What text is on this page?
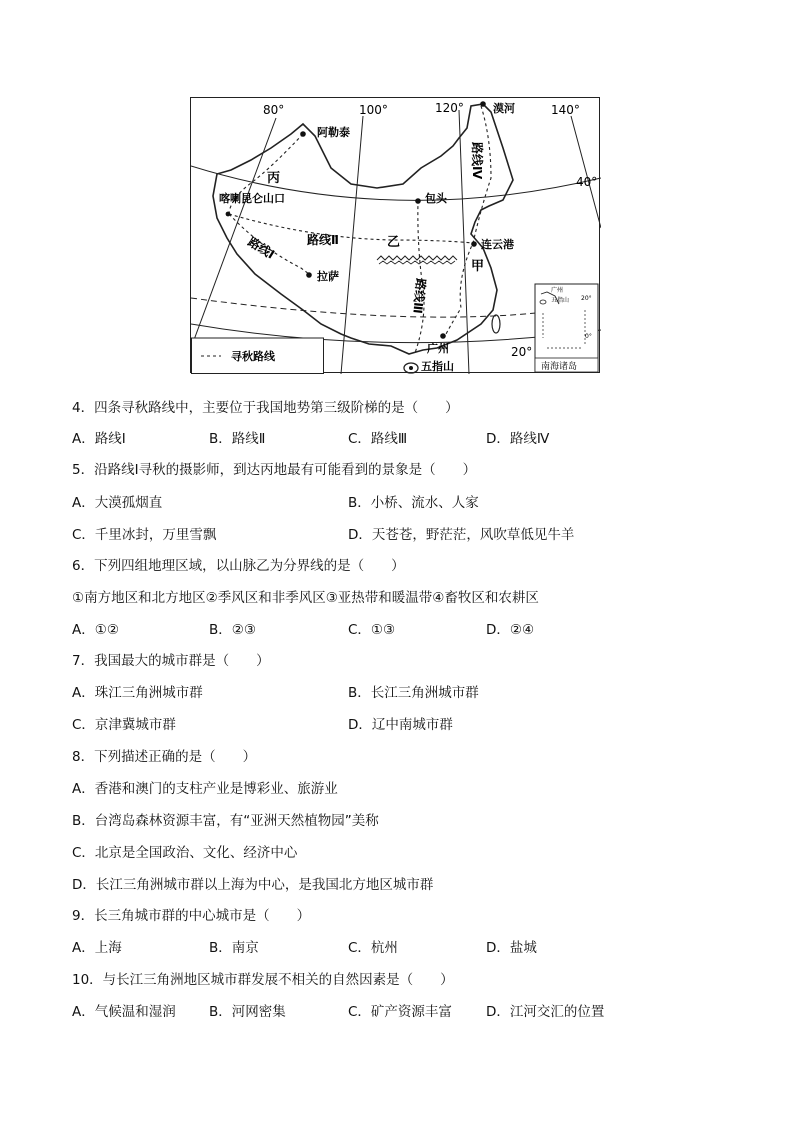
80°	100°	120°	140°
40°
20°
阿勒泰
漠河
包头
喀喇昆仑山口
连云港
拉萨
广州
五指山
丙
乙
甲
路线Ⅰ	路线Ⅱ
路线Ⅲ
路线Ⅳ
寻秋路线
广州
五指山 20°
0°
南海诸岛
4．四条寻秋路线中，主要位于我国地势第三级阶梯的是（　　）
A．路线Ⅰ	B．路线Ⅱ	C．路线Ⅲ	D．路线Ⅳ
5．沿路线Ⅰ寻秋的摄影师，到达丙地最有可能看到的景象是（　　）
A．大漠孤烟直	B．小桥、流水、人家
C．千里冰封，万里雪飘	D．天苍苍，野茫茫，风吹草低见牛羊
6．下列四组地理区域，以山脉乙为分界线的是（　　）
①南方地区和北方地区②季风区和非季风区③亚热带和暖温带④畜牧区和农耕区
A．①②	B．②③	C．①③	D．②④
7．我国最大的城市群是（　　）
A．珠江三角洲城市群	B．长江三角洲城市群
C．京津冀城市群	D．辽中南城市群
8．下列描述正确的是（　　）
A．香港和澳门的支柱产业是博彩业、旅游业
B．台湾岛森林资源丰富，有“亚洲天然植物园”美称
C．北京是全国政治、文化、经济中心
D．长江三角洲城市群以上海为中心，是我国北方地区城市群
9．长三角城市群的中心城市是（　　）
A．上海	B．南京	C．杭州	D．盐城
10．与长江三角洲地区城市群发展不相关的自然因素是（　　）
A．气候温和湿润 B．河网密集	C．矿产资源丰富	D．江河交汇的位置
